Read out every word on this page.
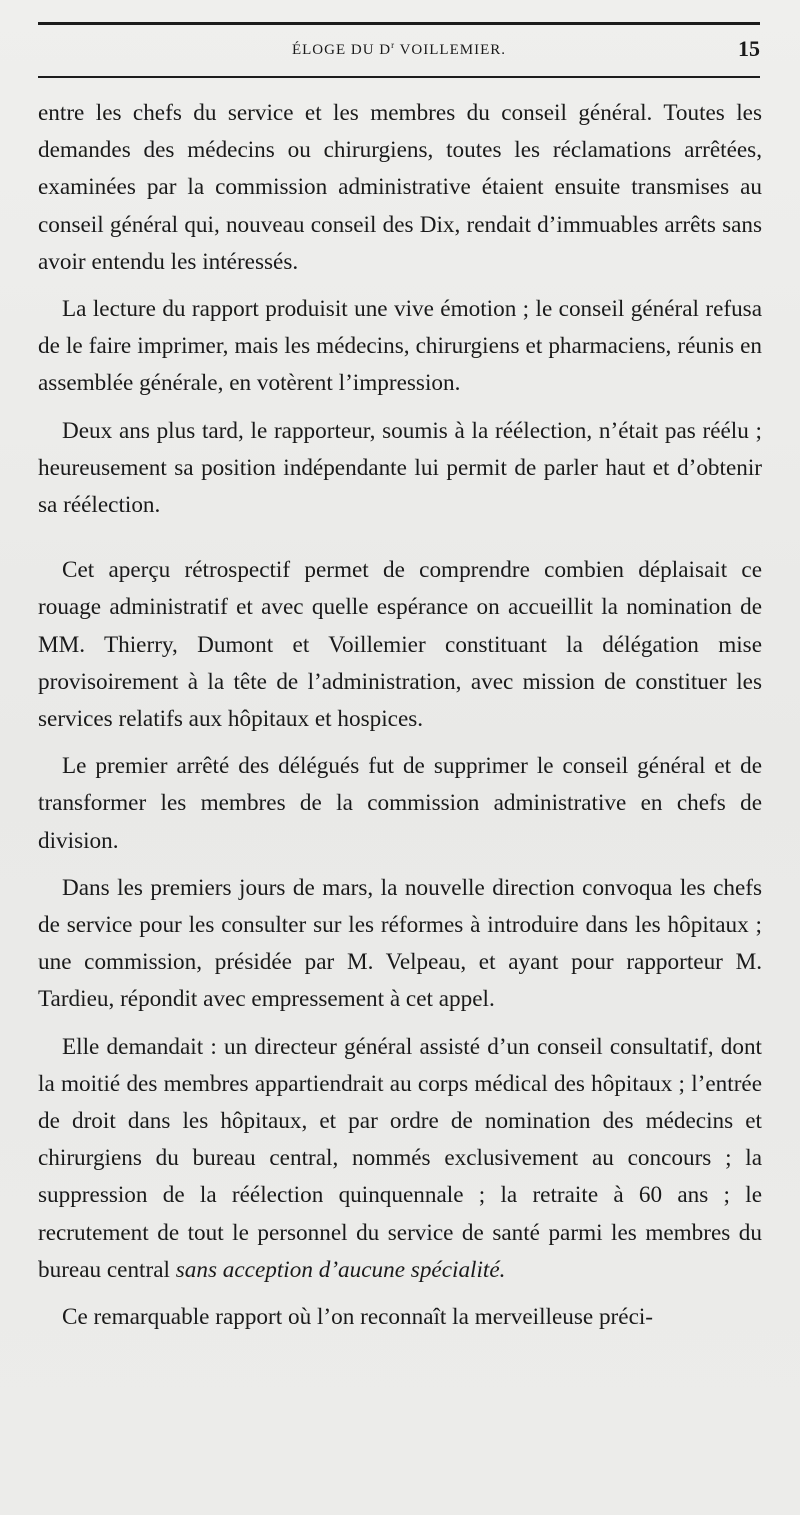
ÉLOGE DU $D^r$ VOILLEMIER.	15

entre les chefs du service et les membres du conseil général. Toutes les demandes des médecins ou chirurgiens, toutes les réclamations arrêtées, examinées par la commission administrative étaient ensuite transmises au conseil général qui, nouveau conseil des Dix, rendait d’immuables arrêts sans avoir entendu les intéressés.

La lecture du rapport produisit une vive émotion ; le conseil général refusa de le faire imprimer, mais les médecins, chirurgiens et pharmaciens, réunis en assemblée générale, en votèrent l’impression.

Deux ans plus tard, le rapporteur, soumis à la réélection, n’était pas réélu ; heureusement sa position indépendante lui permit de parler haut et d’obtenir sa réélection.

Cet aperçu rétrospectif permet de comprendre combien déplaisait ce rouage administratif et avec quelle espérance on accueillit la nomination de MM. Thierry, Dumont et Voillemier constituant la délégation mise provisoirement à la tête de l’administration, avec mission de constituer les services relatifs aux hôpitaux et hospices.

Le premier arrêté des délégués fut de supprimer le conseil général et de transformer les membres de la commission administrative en chefs de division.

Dans les premiers jours de mars, la nouvelle direction convoqua les chefs de service pour les consulter sur les réformes à introduire dans les hôpitaux ; une commission, présidée par M. Velpeau, et ayant pour rapporteur M. Tardieu, répondit avec empressement à cet appel.

Elle demandait : un directeur général assisté d’un conseil consultatif, dont la moitié des membres appartiendrait au corps médical des hôpitaux ; l’entrée de droit dans les hôpitaux, et par ordre de nomination des médecins et chirurgiens du bureau central, nommés exclusivement au concours ; la suppression de la réélection quinquennale ; la retraite à 60 ans ; le recrutement de tout le personnel du service de santé parmi les membres du bureau central sans acception d’aucune spécialité.

Ce remarquable rapport où l’on reconnaît la merveilleuse préci-
